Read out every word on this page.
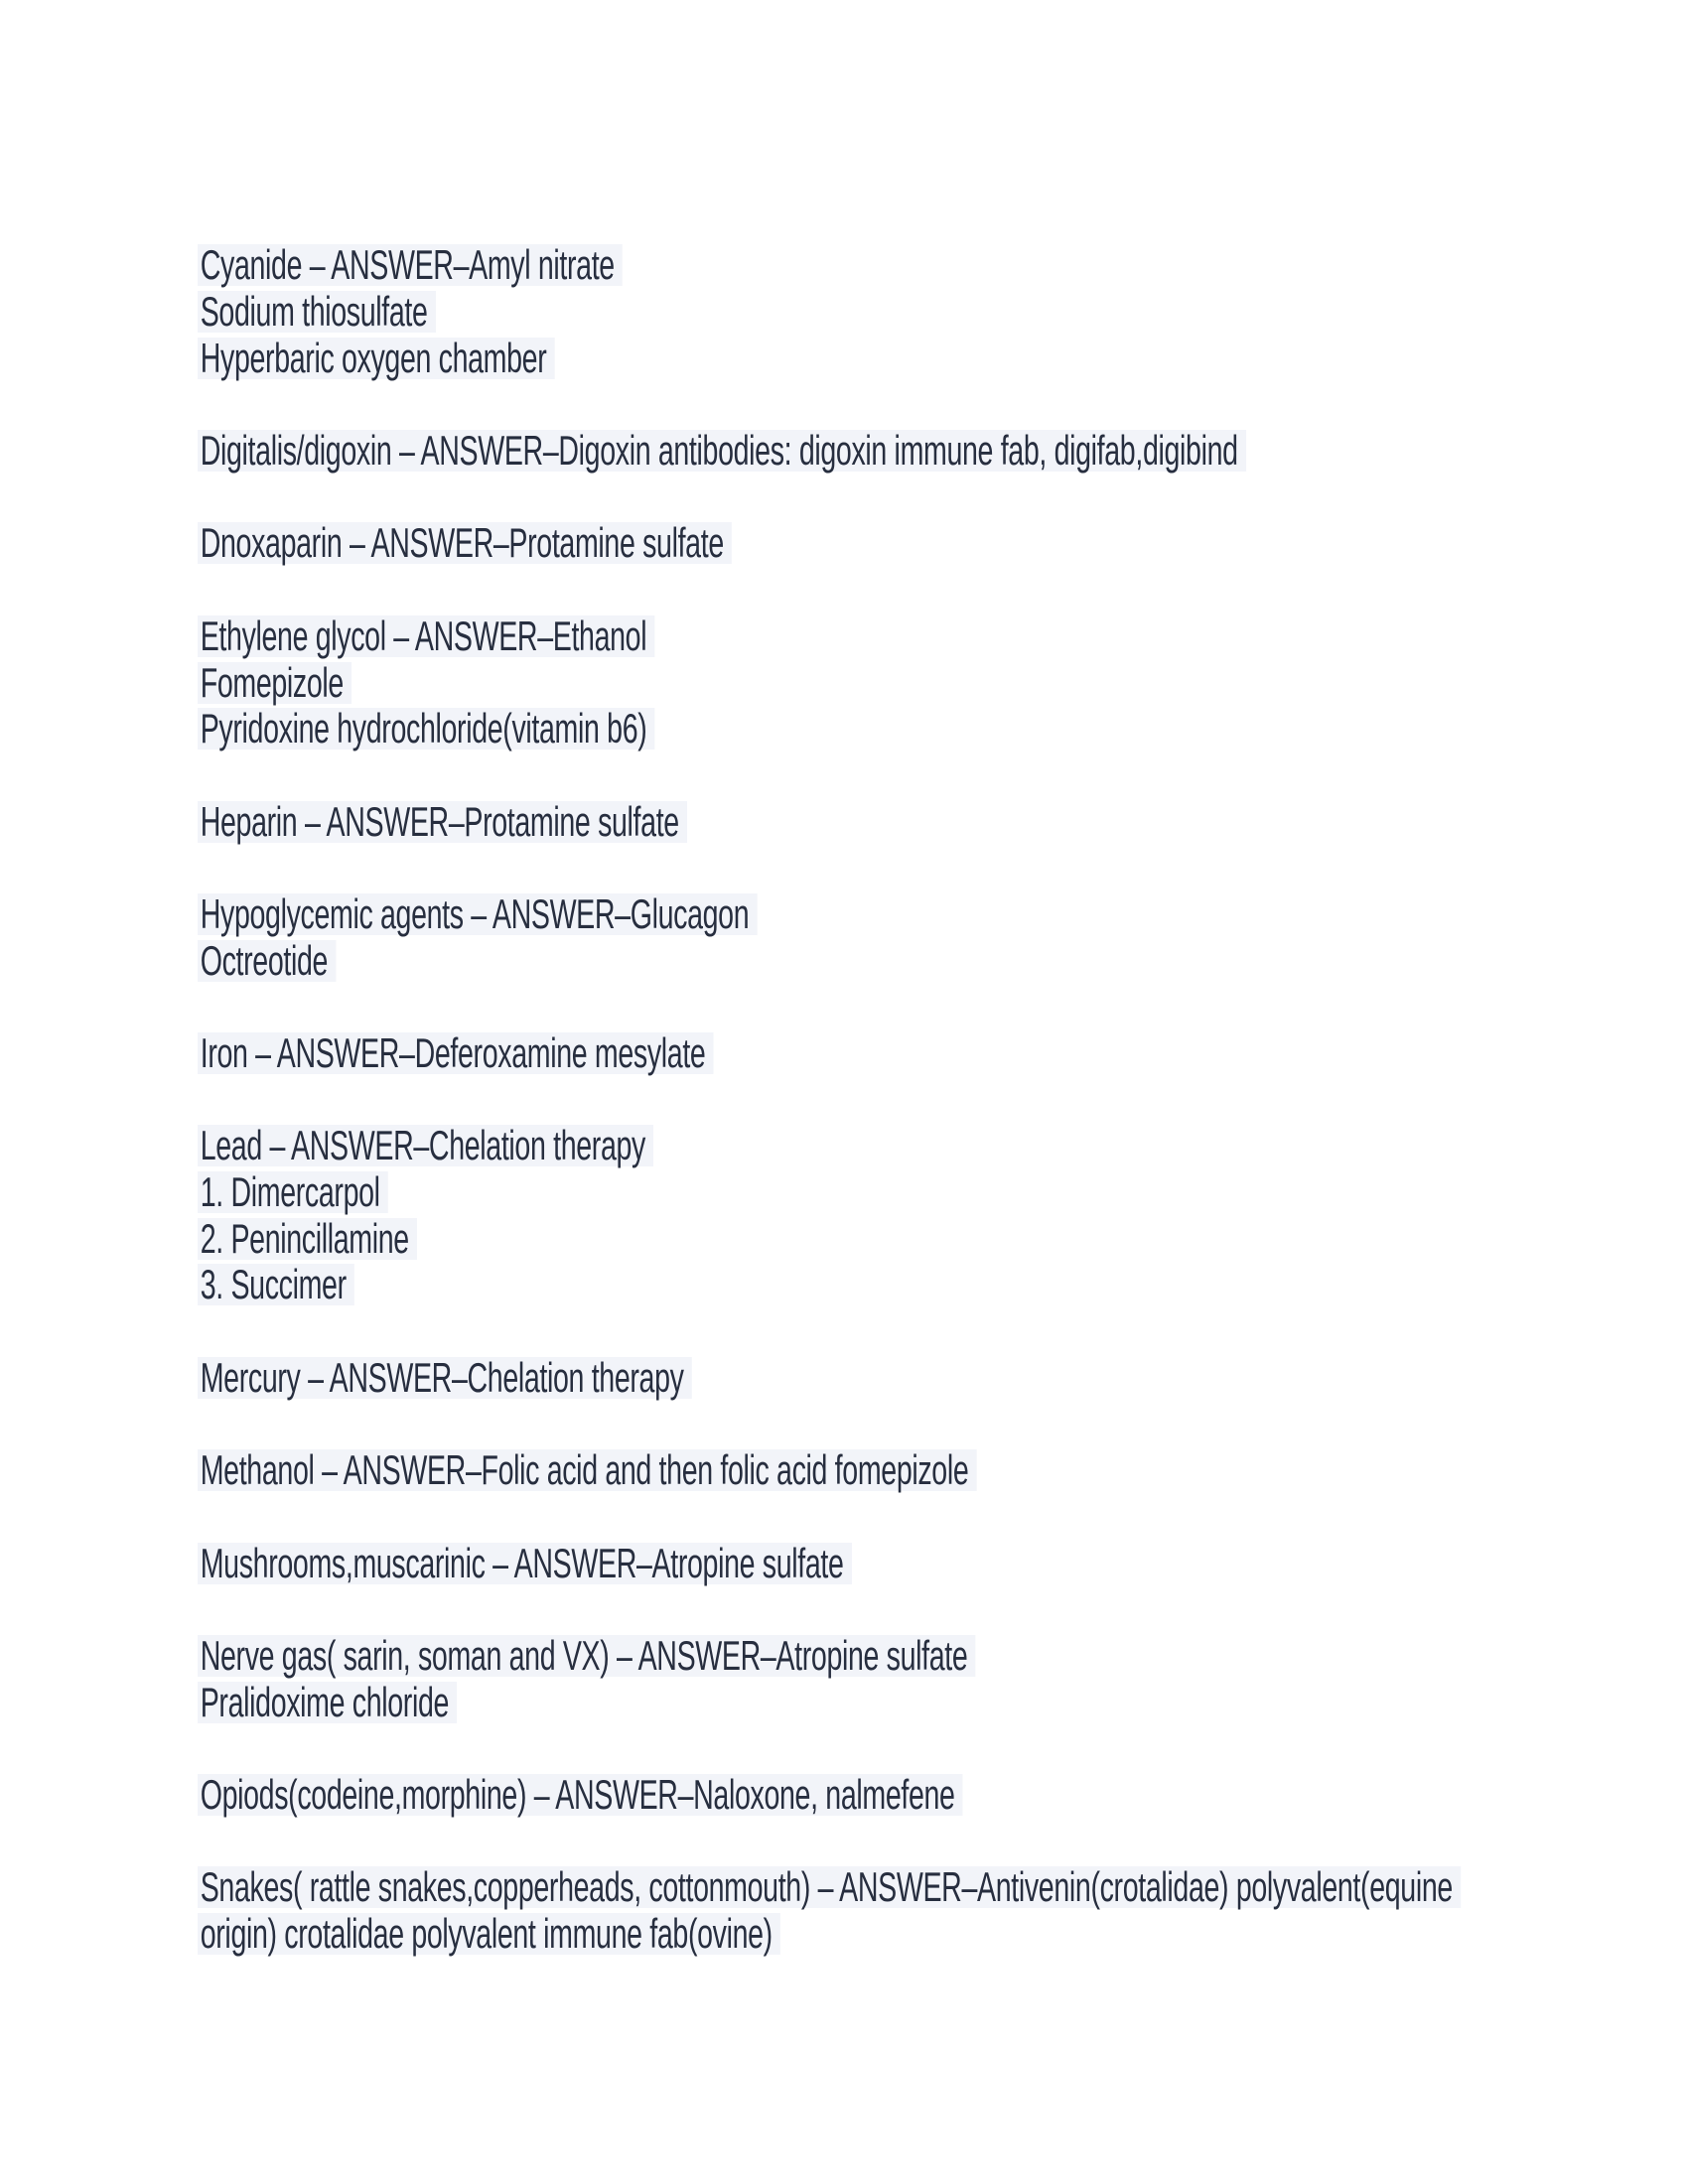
Cyanide – ANSWER–Amyl nitrate
Sodium thiosulfate
Hyperbaric oxygen chamber
Digitalis/digoxin – ANSWER–Digoxin antibodies: digoxin immune fab, digifab,digibind
Dnoxaparin – ANSWER–Protamine sulfate
Ethylene glycol – ANSWER–Ethanol
Fomepizole
Pyridoxine hydrochloride(vitamin b6)
Heparin – ANSWER–Protamine sulfate
Hypoglycemic agents – ANSWER–Glucagon
Octreotide
Iron – ANSWER–Deferoxamine mesylate
Lead – ANSWER–Chelation therapy
1. Dimercarpol
2. Penincillamine
3. Succimer
Mercury – ANSWER–Chelation therapy
Methanol – ANSWER–Folic acid and then folic acid fomepizole
Mushrooms,muscarinic – ANSWER–Atropine sulfate
Nerve gas( sarin, soman and VX) – ANSWER–Atropine sulfate
Pralidoxime chloride
Opiods(codeine,morphine) – ANSWER–Naloxone, nalmefene
Snakes( rattle snakes,copperheads, cottonmouth) – ANSWER–Antivenin(crotalidae) polyvalent(equine
origin) crotalidae polyvalent immune fab(ovine)
